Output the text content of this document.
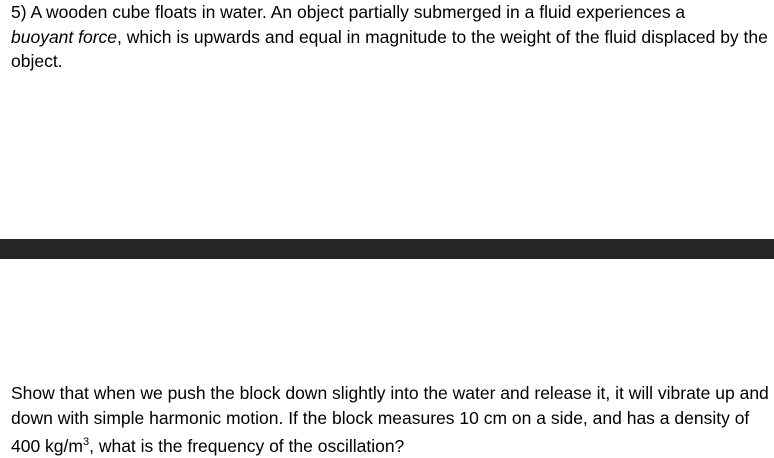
5) A wooden cube floats in water. An object partially submerged in a fluid experiences a
buoyant force, which is upwards and equal in magnitude to the weight of the fluid displaced by the object.

Show that when we push the block down slightly into the water and release it, it will vibrate up and down with simple harmonic motion. If the block measures 10 cm on a side, and has a density of 400 $kg/m^3$, what is the frequency of the oscillation?
